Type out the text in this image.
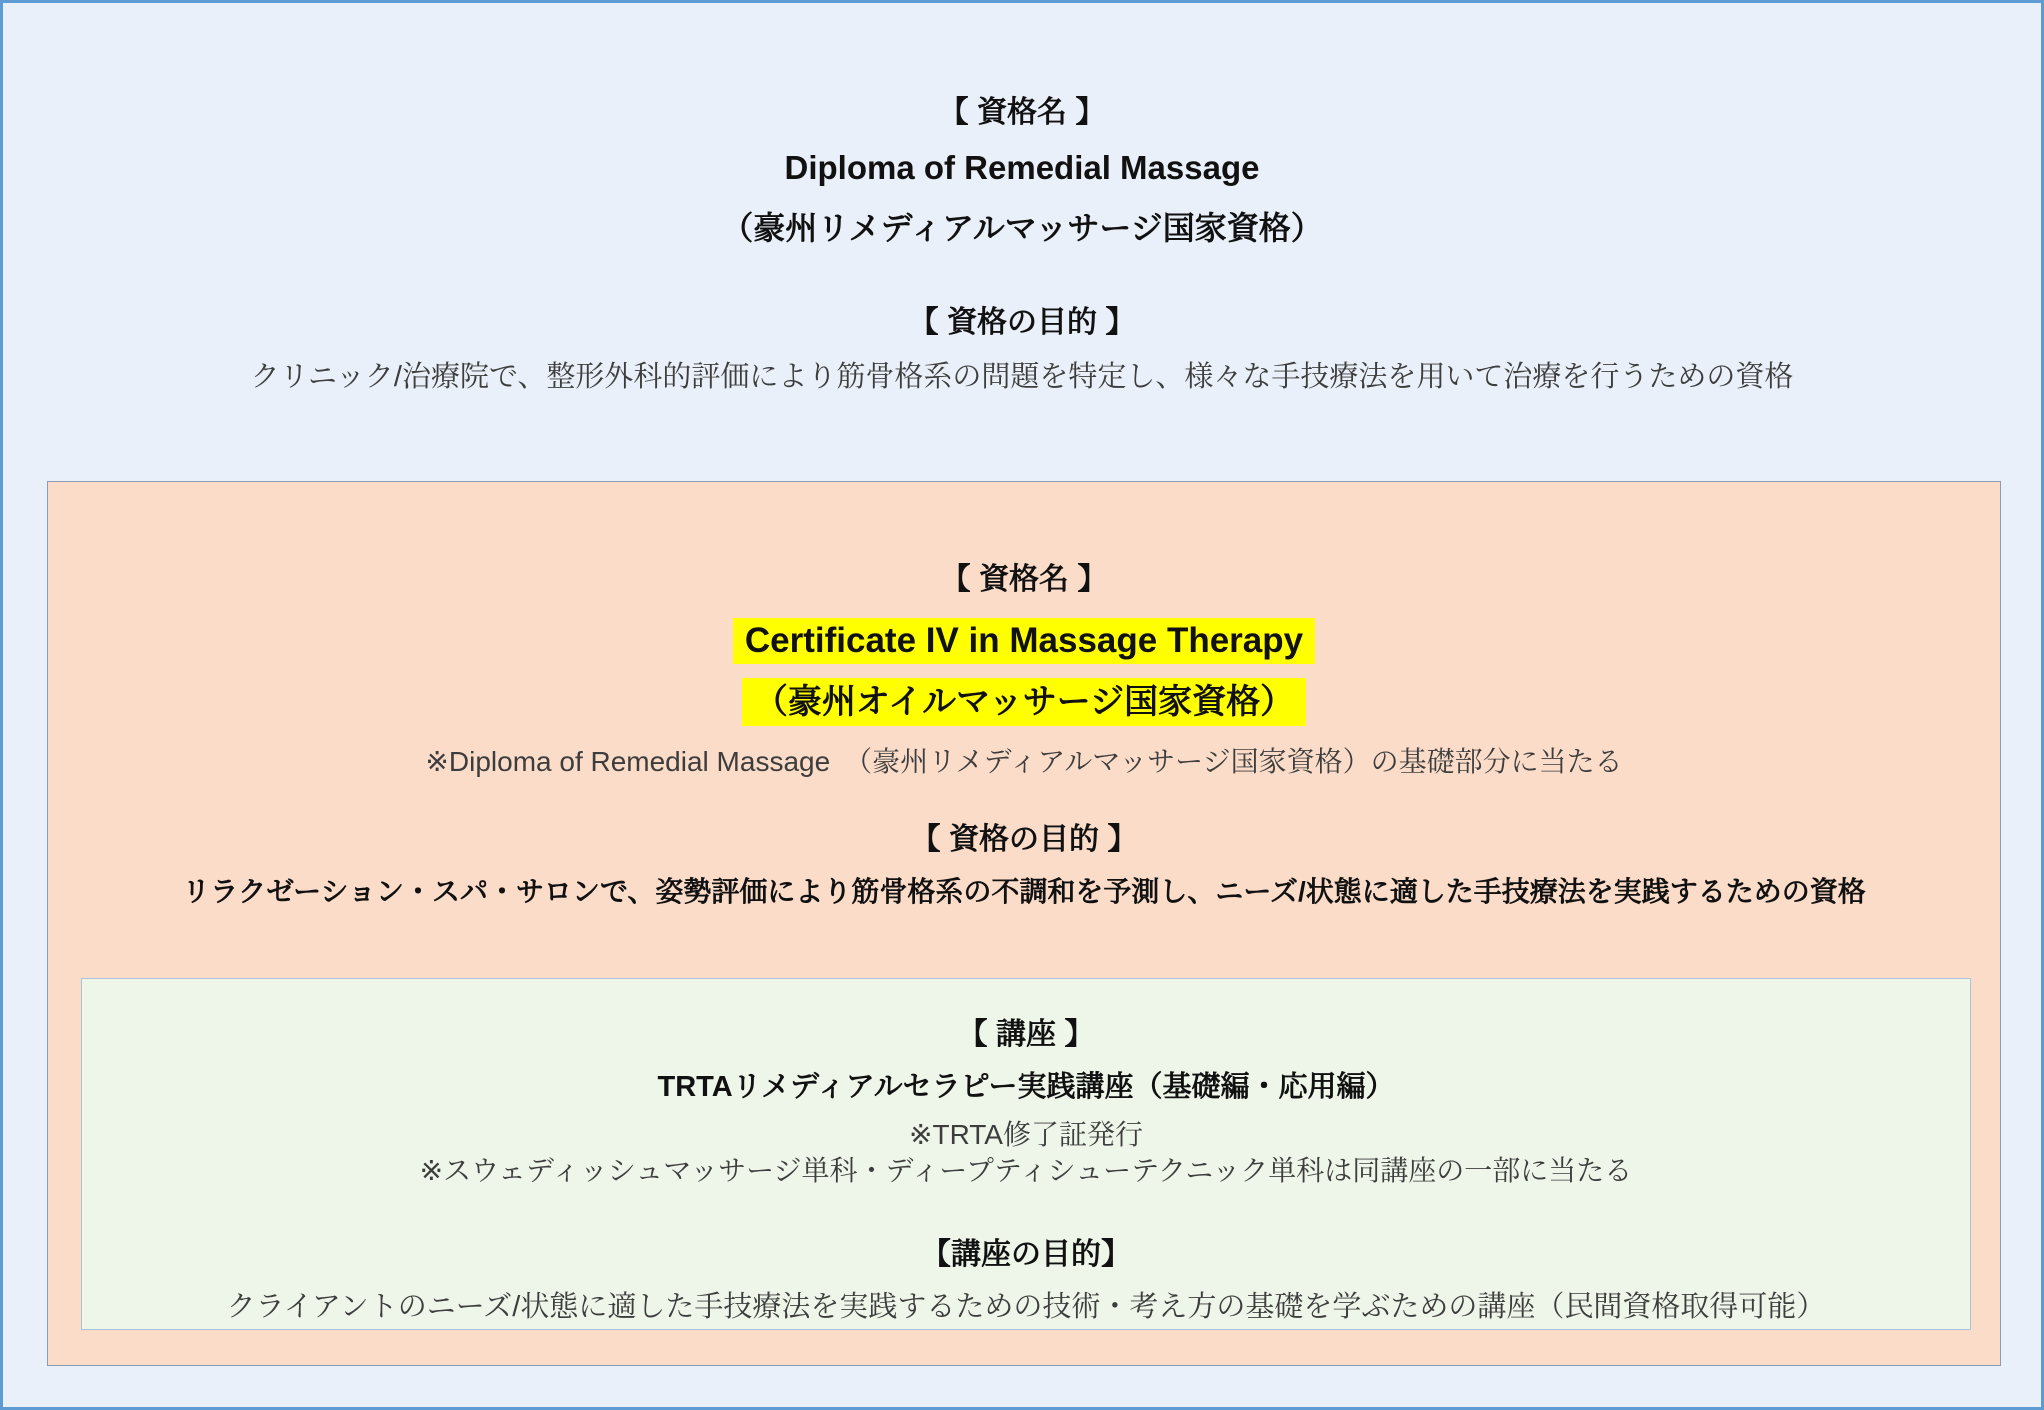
【 資格名 】
Diploma of Remedial Massage
（豪州リメディアルマッサージ国家資格）
【 資格の目的 】
クリニック/治療院で、整形外科的評価により筋骨格系の問題を特定し、様々な手技療法を用いて治療を行うための資格
【 資格名 】
Certificate IV in Massage Therapy
（豪州オイルマッサージ国家資格）
※Diploma of Remedial Massage　（豪州リメディアルマッサージ国家資格）の基礎部分に当たる
【 資格の目的 】
リラクゼーション・スパ・サロンで、姿勢評価により筋骨格系の不調和を予測し、ニーズ/状態に適した手技療法を実践するための資格
【 講座 】
TRTAリメディアルセラピー実践講座（基礎編・応用編）
※TRTA修了証発行
※スウェディッシュマッサージ単科・ディープティシューテクニック単科は同講座の一部に当たる
【講座の目的】
クライアントのニーズ/状態に適した手技療法を実践するための技術・考え方の基礎を学ぶための講座（民間資格取得可能）
